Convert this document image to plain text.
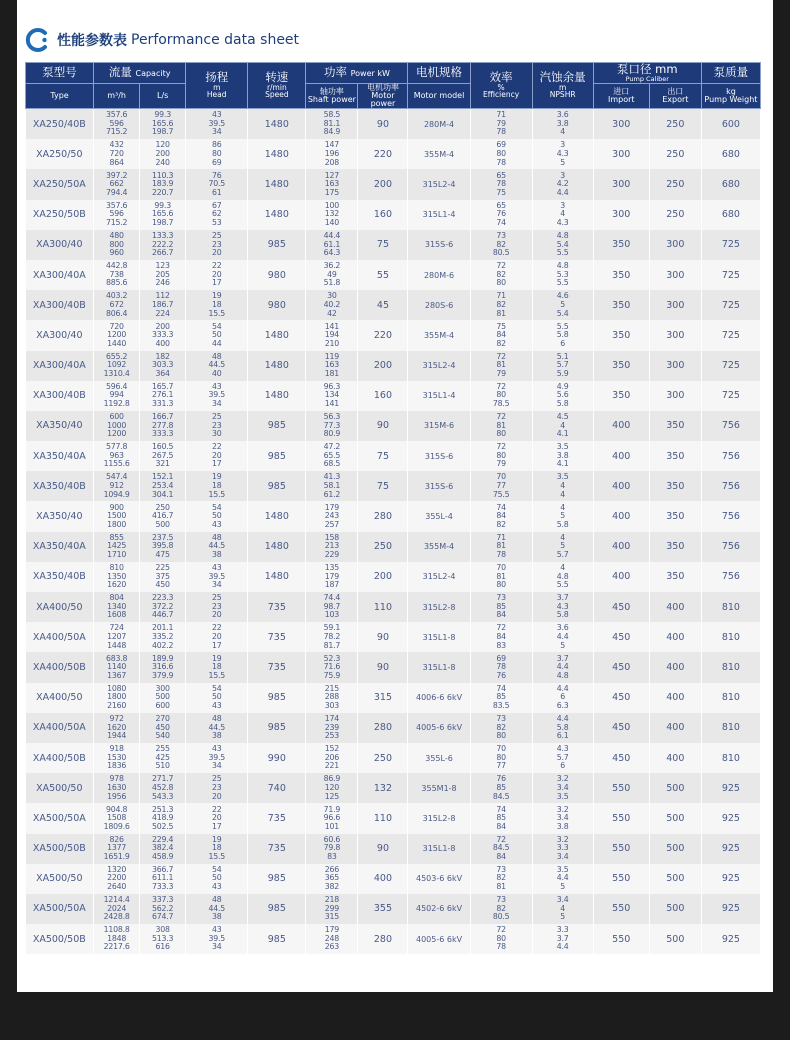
性能参数表 Performance data sheet
泵型号	流量 Capacity		扬程
m
Head	转速
r/min
Speed	功率 Power kW		电机规格	效率
%
Efficiency	汽蚀余量
m
NPSHR	泵口径 mm
Pump Caliber		泵质量
Type	m³/h	L/s			轴功率
Shaft power	电机功率
Motor power	Motor model			进口
Import	出口
Export	kg
Pump Weight

XA250/40B	357.6
596
715.2	99.3
165.6
198.7	43
39.5
34	1480	58.5
81.1
84.9	90	280M-4	71
79
78	3.6
3.8
4	300	250	600
XA250/50	432
720
864	120
200
240	86
80
69	1480	147
196
208	220	355M-4	69
80
78	3
4.3
5	300	250	680
XA250/50A	397.2
662
794.4	110.3
183.9
220.7	76
70.5
61	1480	127
163
175	200	315L2-4	65
78
75	3
4.2
4.4	300	250	680
XA250/50B	357.6
596
715.2	99.3
165.6
198.7	67
62
53	1480	100
132
140	160	315L1-4	65
76
74	3
4
4.3	300	250	680
XA300/40	480
800
960	133.3
222.2
266.7	25
23
20	985	44.4
61.1
64.3	75	315S-6	73
82
80.5	4.8
5.4
5.5	350	300	725
XA300/40A	442.8
738
885.6	123
205
246	22
20
17	980	36.2
49
51.8	55	280M-6	72
82
80	4.8
5.3
5.5	350	300	725
XA300/40B	403.2
672
806.4	112
186.7
224	19
18
15.5	980	30
40.2
42	45	280S-6	71
82
81	4.6
5
5.4	350	300	725
XA300/40	720
1200
1440	200
333.3
400	54
50
44	1480	141
194
210	220	355M-4	75
84
82	5.5
5.8
6	350	300	725
XA300/40A	655.2
1092
1310.4	182
303.3
364	48
44.5
40	1480	119
163
181	200	315L2-4	72
81
79	5.1
5.7
5.9	350	300	725
XA300/40B	596.4
994
1192.8	165.7
276.1
331.3	43
39.5
34	1480	96.3
134
141	160	315L1-4	72
80
78.5	4.9
5.6
5.8	350	300	725
XA350/40	600
1000
1200	166.7
277.8
333.3	25
23
30	985	56.3
77.3
80.9	90	315M-6	72
81
80	4.5
4
4.1	400	350	756
XA350/40A	577.8
963
1155.6	160.5
267.5
321	22
20
17	985	47.2
65.5
68.5	75	315S-6	72
80
79	3.5
3.8
4.1	400	350	756
XA350/40B	547.4
912
1094.9	152.1
253.4
304.1	19
18
15.5	985	41.3
58.1
61.2	75	315S-6	70
77
75.5	3.5
4
4	400	350	756
XA350/40	900
1500
1800	250
416.7
500	54
50
43	1480	179
243
257	280	355L-4	74
84
82	4
5
5.8	400	350	756
XA350/40A	855
1425
1710	237.5
395.8
475	48
44.5
38	1480	158
213
229	250	355M-4	71
81
78	4
5
5.7	400	350	756
XA350/40B	810
1350
1620	225
375
450	43
39.5
34	1480	135
179
187	200	315L2-4	70
81
80	4
4.8
5.5	400	350	756
XA400/50	804
1340
1608	223.3
372.2
446.7	25
23
20	735	74.4
98.7
103	110	315L2-8	73
85
84	3.7
4.3
5.8	450	400	810
XA400/50A	724
1207
1448	201.1
335.2
402.2	22
20
17	735	59.1
78.2
81.7	90	315L1-8	72
84
83	3.6
4.4
5	450	400	810
XA400/50B	683.8
1140
1367	189.9
316.6
379.9	19
18
15.5	735	52.3
71.6
75.9	90	315L1-8	69
78
76	3.7
4.4
4.8	450	400	810
XA400/50	1080
1800
2160	300
500
600	54
50
43	985	215
288
303	315	4006-6 6kV	74
85
83.5	4.4
6
6.3	450	400	810
XA400/50A	972
1620
1944	270
450
540	48
44.5
38	985	174
239
253	280	4005-6 6kV	73
82
80	4.4
5.8
6.1	450	400	810
XA400/50B	918
1530
1836	255
425
510	43
39.5
34	990	152
206
221	250	355L-6	70
80
77	4.3
5.7
6	450	400	810
XA500/50	978
1630
1956	271.7
452.8
543.3	25
23
20	740	86.9
120
125	132	355M1-8	76
85
84.5	3.2
3.4
3.5	550	500	925
XA500/50A	904.8
1508
1809.6	251.3
418.9
502.5	22
20
17	735	71.9
96.6
101	110	315L2-8	74
85
84	3.2
3.4
3.8	550	500	925
XA500/50B	826
1377
1651.9	229.4
382.4
458.9	19
18
15.5	735	60.6
79.8
83	90	315L1-8	72
84.5
84	3.2
3.3
3.4	550	500	925
XA500/50	1320
2200
2640	366.7
611.1
733.3	54
50
43	985	266
365
382	400	4503-6 6kV	73
82
81	3.5
4.4
5	550	500	925
XA500/50A	1214.4
2024
2428.8	337.3
562.2
674.7	48
44.5
38	985	218
299
315	355	4502-6 6kV	73
82
80.5	3.4
4
5	550	500	925
XA500/50B	1108.8
1848
2217.6	308
513.3
616	43
39.5
34	985	179
248
263	280	4005-6 6kV	72
80
78	3.3
3.7
4.4	550	500	925
